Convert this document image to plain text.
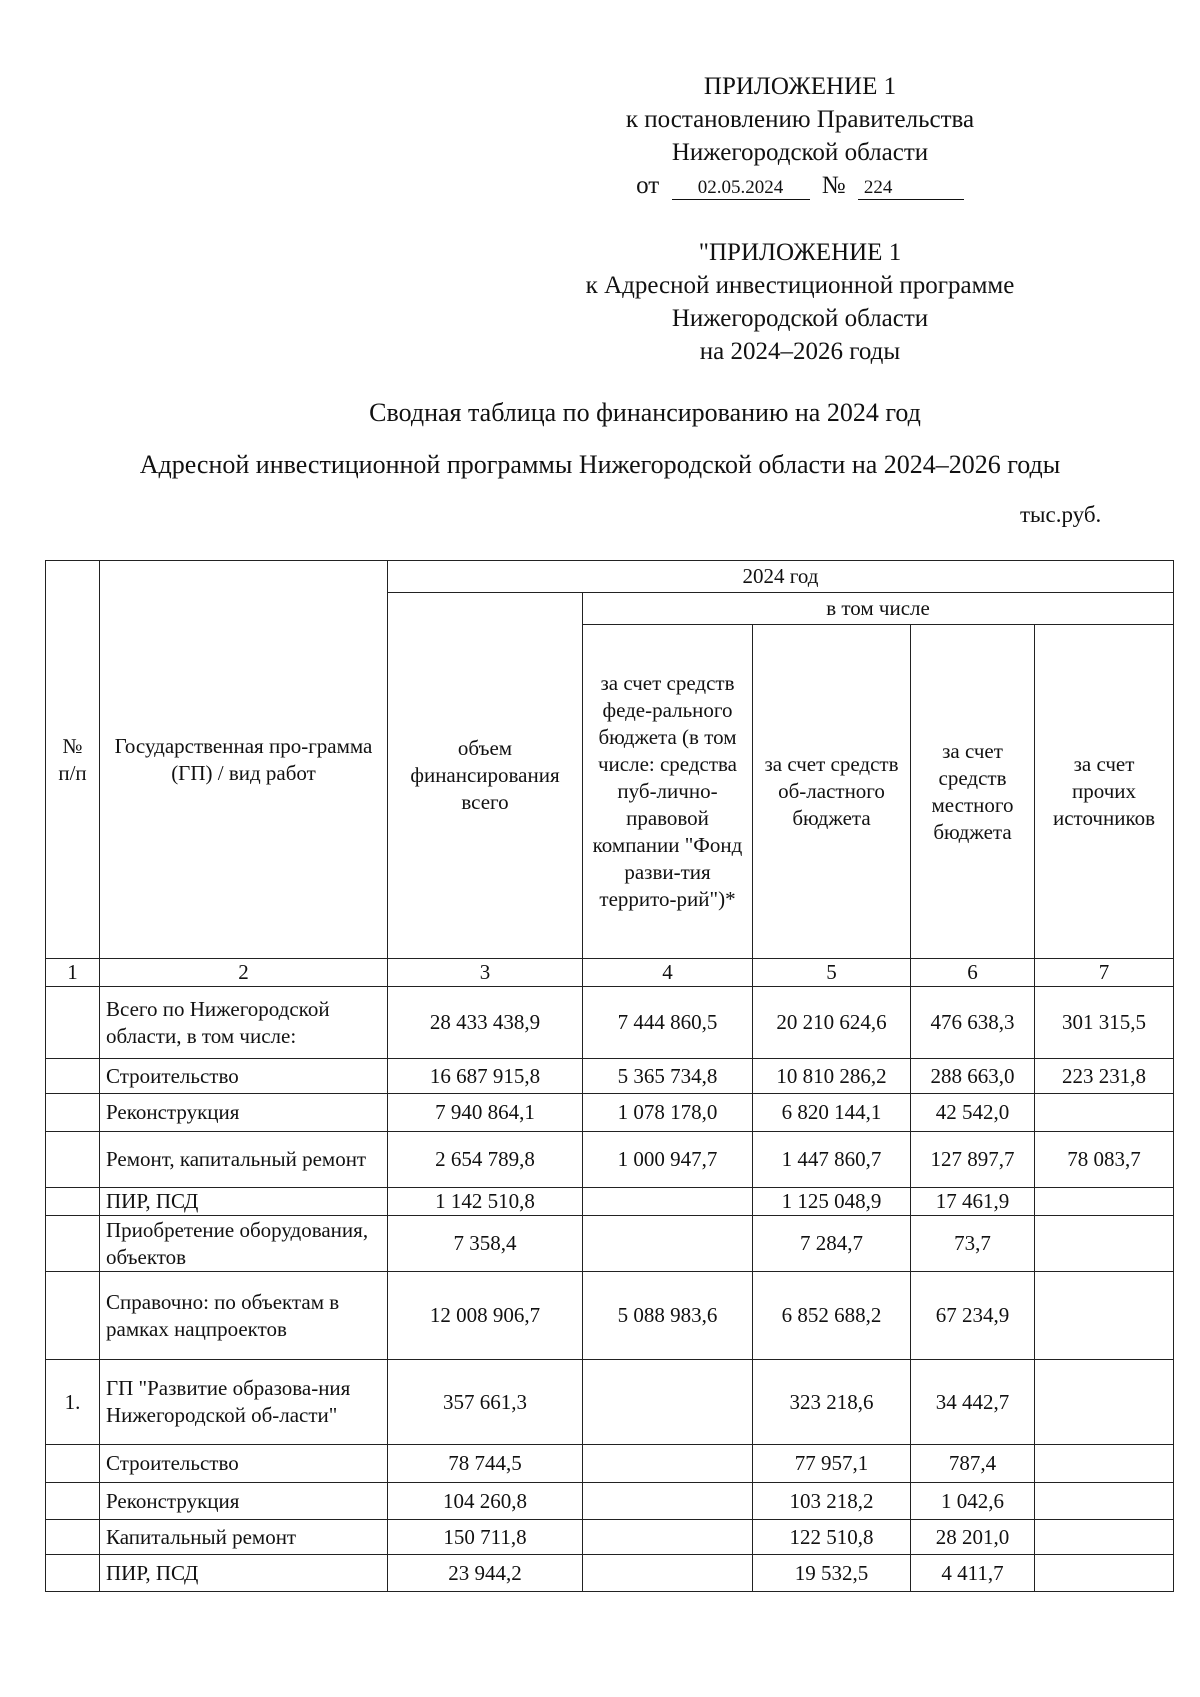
ПРИЛОЖЕНИЕ 1
к постановлению Правительства
Нижегородской области
от 02.05.2024 № 224
"ПРИЛОЖЕНИЕ 1
к Адресной инвестиционной программе
Нижегородской области
на 2024–2026 годы
Сводная таблица по финансированию на 2024 год
Адресной инвестиционной программы Нижегородской области на 2024–2026 годы
тыс.руб.
№ п/п	Государственная про-грамма (ГП) / вид работ	2024 год				
		объем финансирования всего	в том числе			
			за счет средств феде-рального бюджета (в том числе: средства пуб-лично-правовой компании "Фонд разви-тия террито-рий")*	за счет средств об-ластного бюджета	за счет средств местного бюджета	за счет прочих источников
1	2	3	4	5	6	7
	Всего по Нижегородской области, в том числе:	28 433 438,9	7 444 860,5	20 210 624,6	476 638,3	301 315,5
	Строительство	16 687 915,8	5 365 734,8	10 810 286,2	288 663,0	223 231,8
	Реконструкция	7 940 864,1	1 078 178,0	6 820 144,1	42 542,0	
	Ремонт, капитальный ремонт	2 654 789,8	1 000 947,7	1 447 860,7	127 897,7	78 083,7
	ПИР, ПСД	1 142 510,8		1 125 048,9	17 461,9	
	Приобретение оборудования, объектов	7 358,4		7 284,7	73,7	
	Справочно: по объектам в рамках нацпроектов	12 008 906,7	5 088 983,6	6 852 688,2	67 234,9	
1.	ГП "Развитие образова-ния Нижегородской об-ласти"	357 661,3		323 218,6	34 442,7	
	Строительство	78 744,5		77 957,1	787,4	
	Реконструкция	104 260,8		103 218,2	1 042,6	
	Капитальный ремонт	150 711,8		122 510,8	28 201,0	
	ПИР, ПСД	23 944,2		19 532,5	4 411,7	
